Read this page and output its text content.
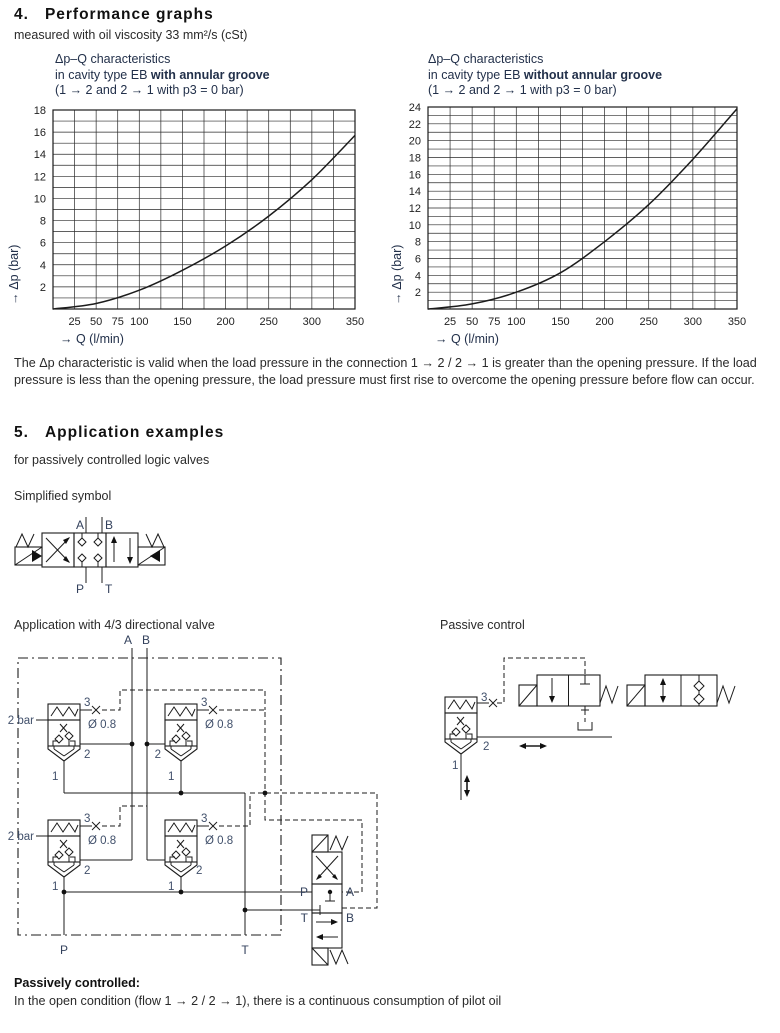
4. Performance graphs
measured with oil viscosity 33 mm²/s (cSt)
Δp–Q characteristics
in cavity type EB with annular groove
(1 → 2 and 2 → 1 with p3 = 0 bar)
Δp–Q characteristics
in cavity type EB without annular groove
(1 → 2 and 2 → 1 with p3 = 0 bar)
25 50 75 100 150 200 250 300 350
2
4
6
8
10
12
14
16
18
→ Q (l/min)
→ Δp (bar)
25 50 75 100 150 200 250 300 350
2
4
6
8
10
12
14
16
18
20
22
24
→ Q (l/min)
→ Δp (bar)
The Δp characteristic is valid when the load pressure in the connection 1 → 2 / 2 → 1 is greater than the opening pressure. If the load pressure is less than the opening pressure, the load pressure must first rise to overcome the opening pressure before flow can occur.
5. Application examples
for passively controlled logic valves
Simplified symbol
A B
P T
Application with 4/3 directional valve	Passive control
A B
2 bar
3
Ø 0.8
2
1
3
Ø 0.8
2
1
2 bar
3
Ø 0.8
2
1
3
Ø 0.8
2
1	P	A
T	B
P	T
3
2
1
Passively controlled:
In the open condition (flow 1 → 2 / 2 → 1), there is a continuous consumption of pilot oil
